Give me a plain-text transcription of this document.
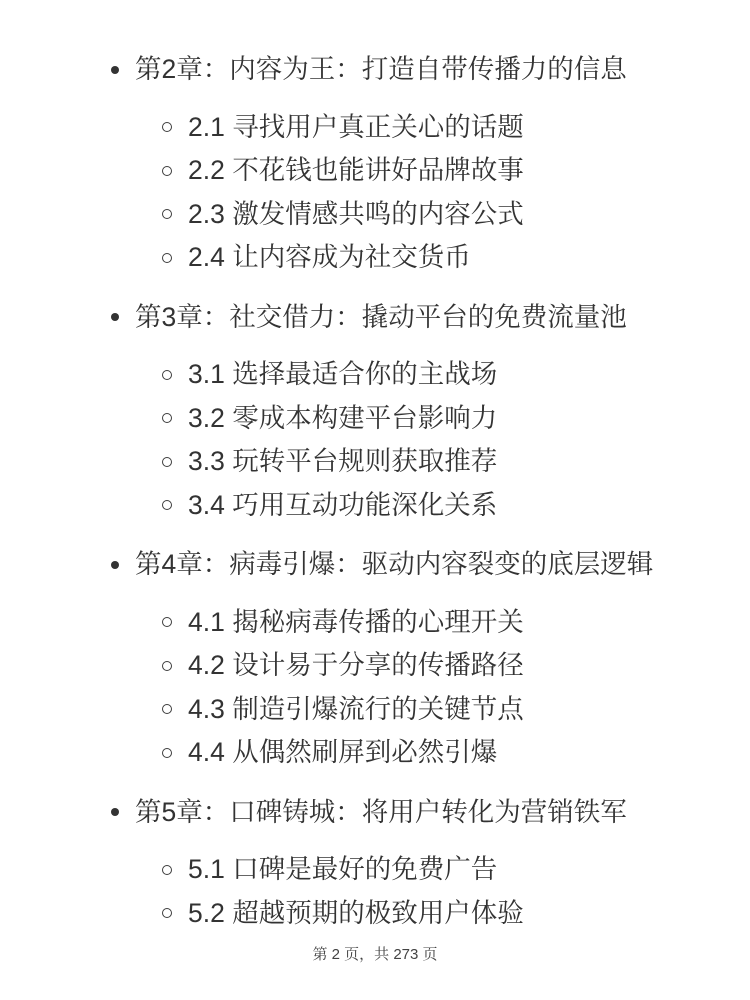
第2章：内容为王：打造自带传播力的信息
2.1 寻找用户真正关心的话题
2.2 不花钱也能讲好品牌故事
2.3 激发情感共鸣的内容公式
2.4 让内容成为社交货币
第3章：社交借力：撬动平台的免费流量池
3.1 选择最适合你的主战场
3.2 零成本构建平台影响力
3.3 玩转平台规则获取推荐
3.4 巧用互动功能深化关系
第4章：病毒引爆：驱动内容裂变的底层逻辑
4.1 揭秘病毒传播的心理开关
4.2 设计易于分享的传播路径
4.3 制造引爆流行的关键节点
4.4 从偶然刷屏到必然引爆
第5章：口碑铸城：将用户转化为营销铁军
5.1 口碑是最好的免费广告
5.2 超越预期的极致用户体验
第 2 页，共 273 页
